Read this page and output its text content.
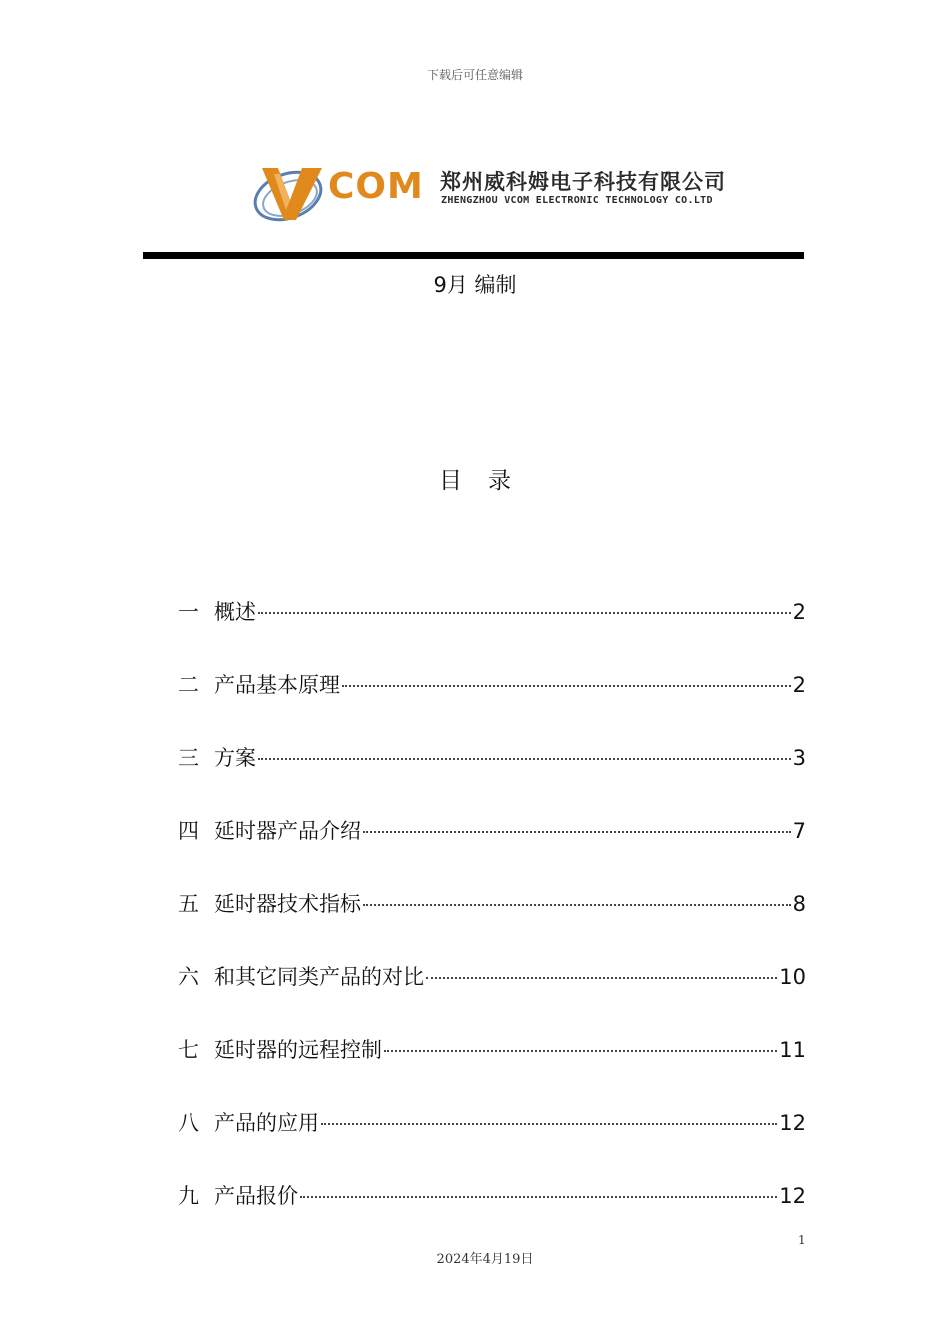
下载后可任意编辑
COM 郑州威科姆电子科技有限公司
ZHENGZHOU VCOM ELECTRONIC TECHNOLOGY CO.LTD
9月 编制
目录
一 概述	2
二 产品基本原理	2
三 方案	3
四 延时器产品介绍	7
五 延时器技术指标	8
六 和其它同类产品的对比	10
七 延时器的远程控制	11
八 产品的应用	12
九 产品报价	12
1
2024年4月19日
